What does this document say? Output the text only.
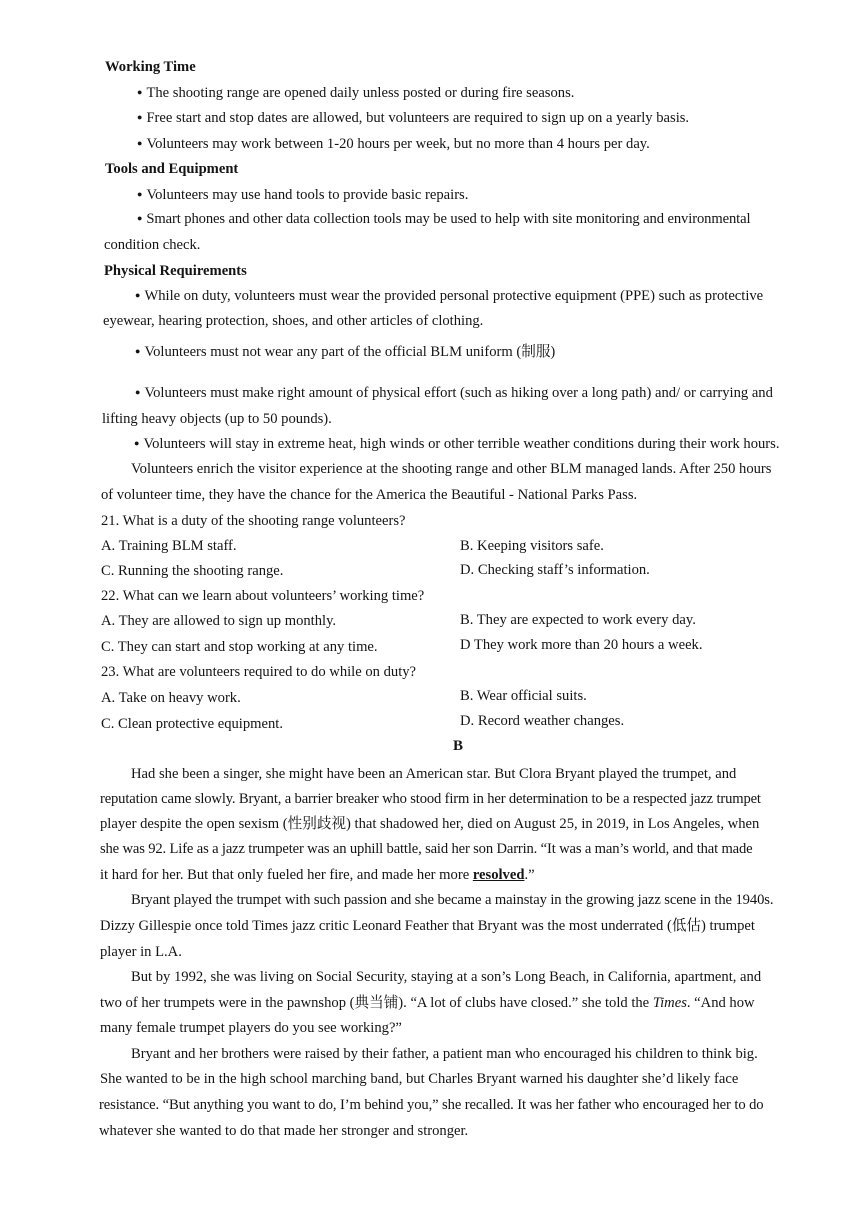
Working Time
● The shooting range are opened daily unless posted or during fire seasons.
● Free start and stop dates are allowed, but volunteers are required to sign up on a yearly basis.
● Volunteers may work between 1-20 hours per week, but no more than 4 hours per day.
Tools and Equipment
● Volunteers may use hand tools to provide basic repairs.
● Smart phones and other data collection tools may be used to help with site monitoring and environmental
condition check.
Physical Requirements
● While on duty, volunteers must wear the provided personal protective equipment (PPE) such as protective
eyewear, hearing protection, shoes, and other articles of clothing.
● Volunteers must not wear any part of the official BLM uniform (制服)
● Volunteers must make right amount of physical effort (such as hiking over a long path) and/ or carrying and
lifting heavy objects (up to 50 pounds).
● Volunteers will stay in extreme heat, high winds or other terrible weather conditions during their work hours.
Volunteers enrich the visitor experience at the shooting range and other BLM managed lands. After 250 hours
of volunteer time, they have the chance for the America the Beautiful - National Parks Pass.
21. What is a duty of the shooting range volunteers?
A. Training BLM staff.	B. Keeping visitors safe.
C. Running the shooting range.	D. Checking staff’s information.
22. What can we learn about volunteers’ working time?
A. They are allowed to sign up monthly.	B. They are expected to work every day.
C. They can start and stop working at any time.	D They work more than 20 hours a week.
23. What are volunteers required to do while on duty?
A. Take on heavy work.	B. Wear official suits.
C. Clean protective equipment.	D. Record weather changes.
B
Had she been a singer, she might have been an American star. But Clora Bryant played the trumpet, and
reputation came slowly. Bryant, a barrier breaker who stood firm in her determination to be a respected jazz trumpet
player despite the open sexism (性别歧视) that shadowed her, died on August 25, in 2019, in Los Angeles, when
she was 92. Life as a jazz trumpeter was an uphill battle, said her son Darrin. “It was a man’s world, and that made
it hard for her. But that only fueled her fire, and made her more resolved.”
Bryant played the trumpet with such passion and she became a mainstay in the growing jazz scene in the 1940s.
Dizzy Gillespie once told Times jazz critic Leonard Feather that Bryant was the most underrated (低估) trumpet
player in L.A.
But by 1992, she was living on Social Security, staying at a son’s Long Beach, in California, apartment, and
two of her trumpets were in the pawnshop (典当铺). “A lot of clubs have closed.” she told the Times. “And how
many female trumpet players do you see working?”
Bryant and her brothers were raised by their father, a patient man who encouraged his children to think big.
She wanted to be in the high school marching band, but Charles Bryant warned his daughter she’d likely face
resistance. “But anything you want to do, I’m behind you,” she recalled. It was her father who encouraged her to do
whatever she wanted to do that made her stronger and stronger.
